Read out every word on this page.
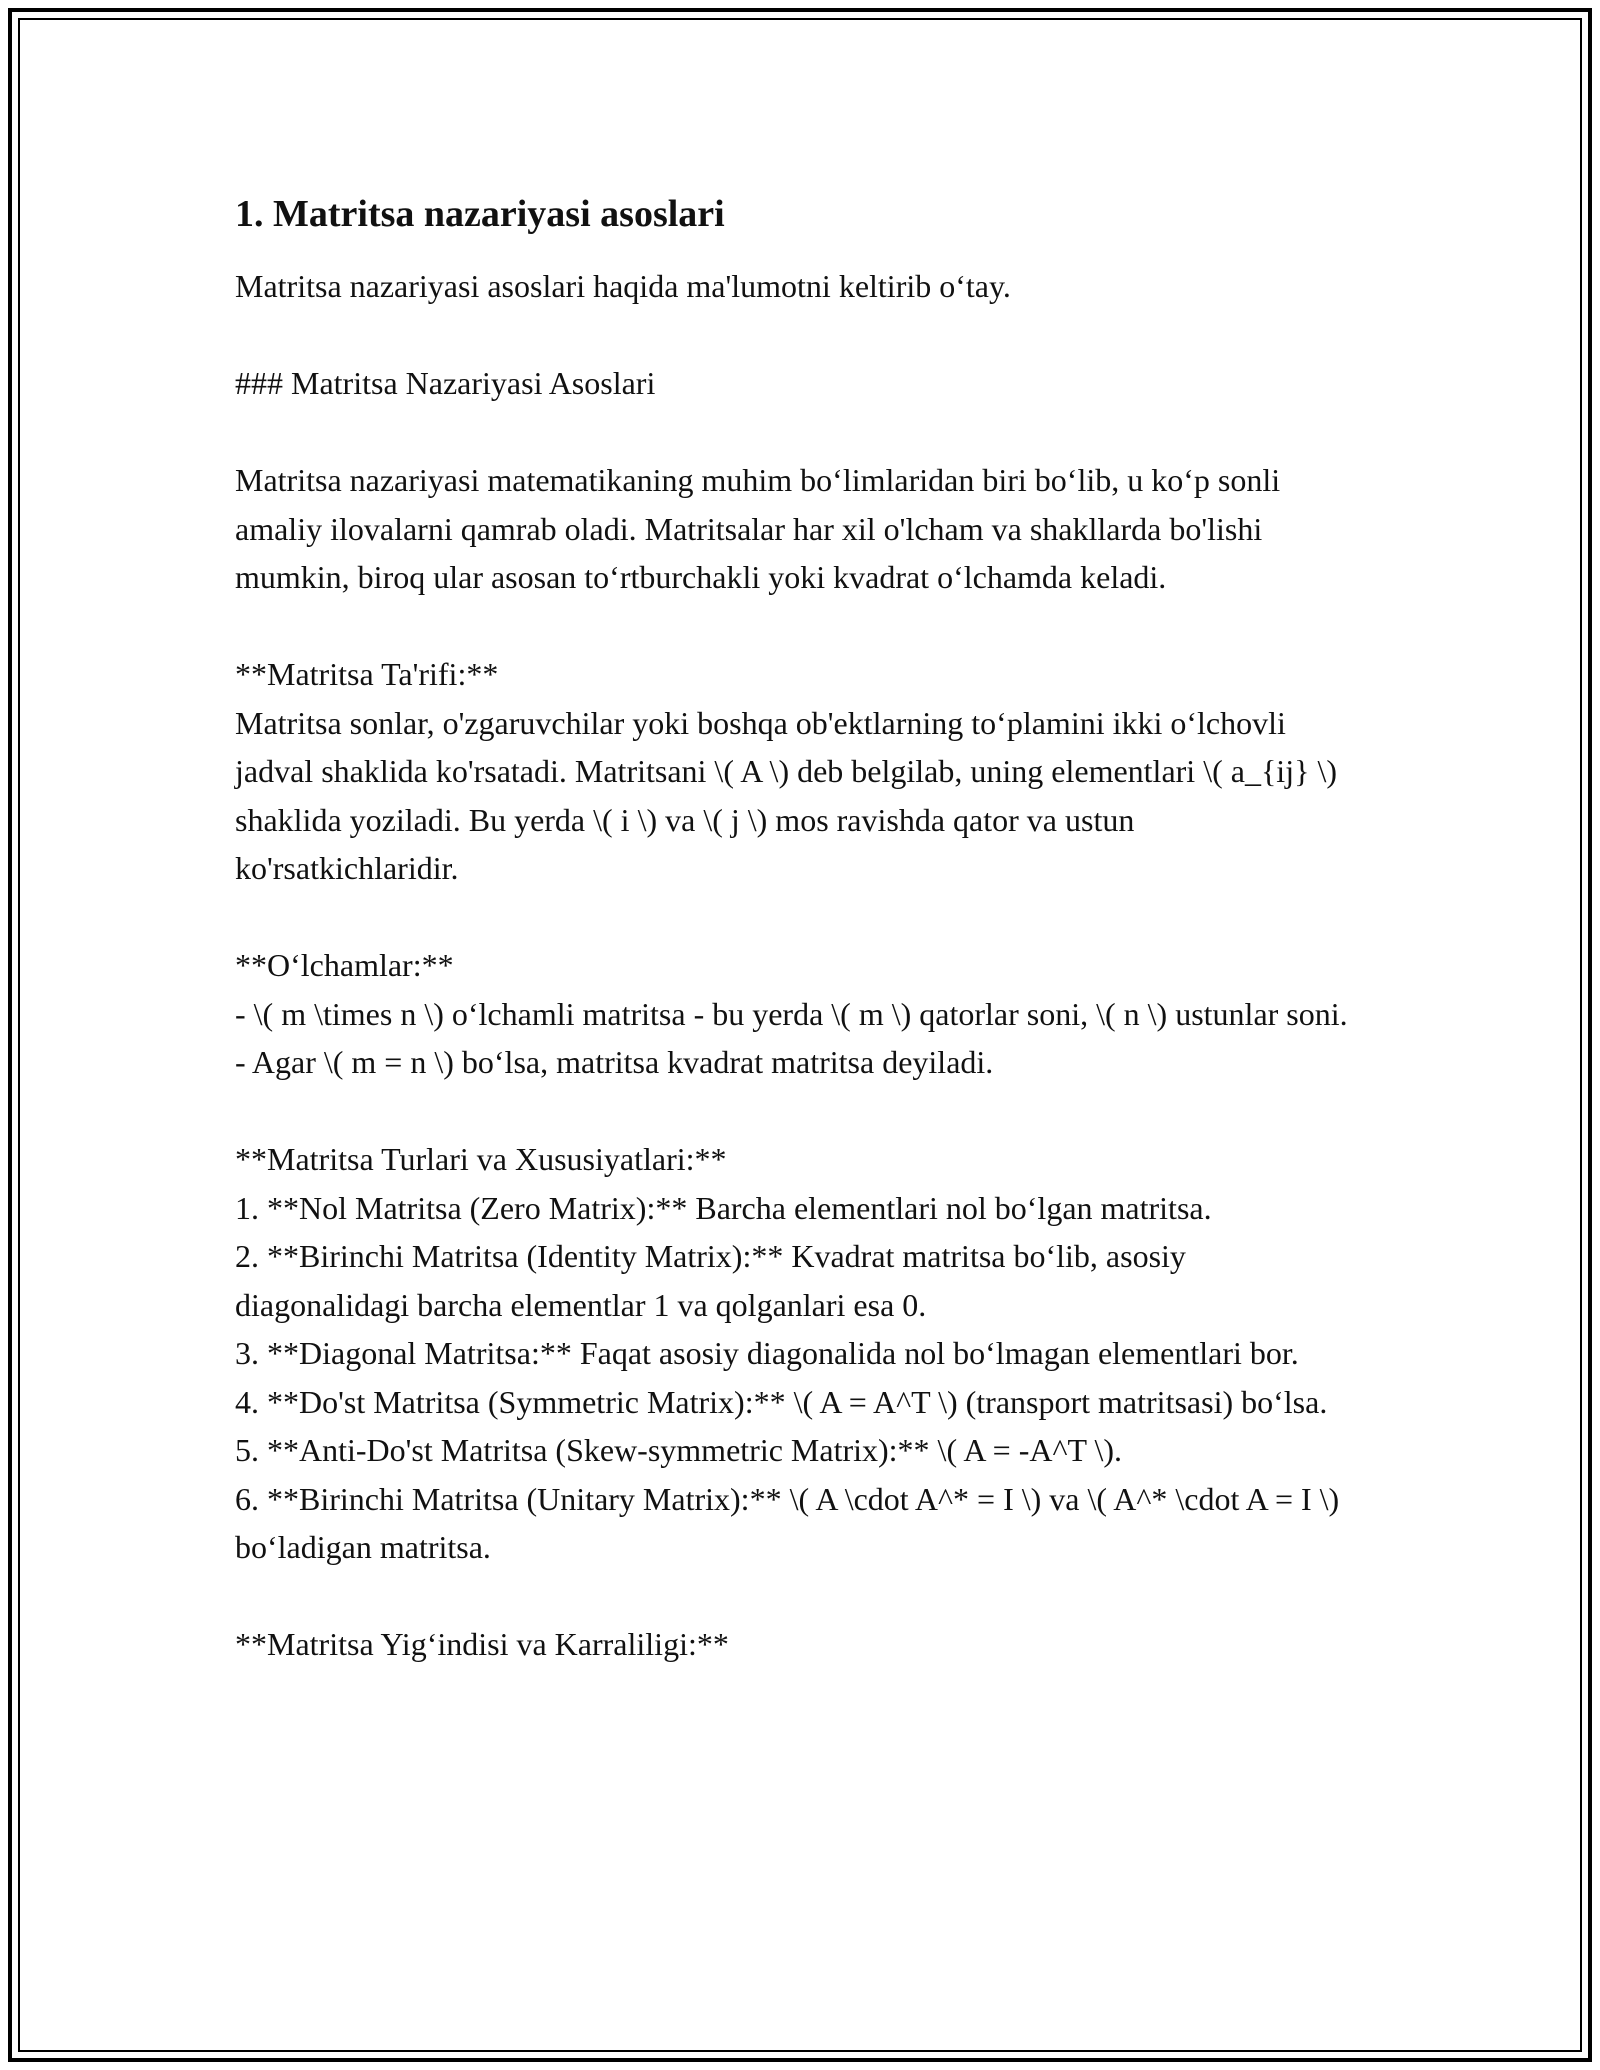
1. Matritsa nazariyasi asoslari

Matritsa nazariyasi asoslari haqida ma'lumotni keltirib o‘tay.

### Matritsa Nazariyasi Asoslari

Matritsa nazariyasi matematikaning muhim bo‘limlaridan biri bo‘lib, u ko‘p sonli amaliy ilovalarni qamrab oladi. Matritsalar har xil o'lcham va shakllarda bo'lishi mumkin, biroq ular asosan to‘rtburchakli yoki kvadrat o‘lchamda keladi.

**Matritsa Ta'rifi:**

Matritsa sonlar, o'zgaruvchilar yoki boshqa ob'ektlarning to‘plamini ikki o‘lchovli jadval shaklida ko'rsatadi. Matritsani \( A \) deb belgilab, uning elementlari \( a_{ij} \) shaklida yoziladi. Bu yerda \( i \) va \( j \) mos ravishda qator va ustun ko'rsatkichlaridir.

**O‘lchamlar:**

- \( m \times n \) o‘lchamli matritsa - bu yerda \( m \) qatorlar soni, \( n \) ustunlar soni.

- Agar \( m = n \) bo‘lsa, matritsa kvadrat matritsa deyiladi.

**Matritsa Turlari va Xususiyatlari:**

1. **Nol Matritsa (Zero Matrix):** Barcha elementlari nol bo‘lgan matritsa.

2. **Birinchi Matritsa (Identity Matrix):** Kvadrat matritsa bo‘lib, asosiy diagonalidagi barcha elementlar 1 va qolganlari esa 0.

3. **Diagonal Matritsa:** Faqat asosiy diagonalida nol bo‘lmagan elementlari bor.

4. **Do'st Matritsa (Symmetric Matrix):** \( A = A^T \) (transport matritsasi) bo‘lsa.

5. **Anti-Do'st Matritsa (Skew-symmetric Matrix):** \( A = -A^T \).

6. **Birinchi Matritsa (Unitary Matrix):** \( A \cdot A^* = I \) va \( A^* \cdot A = I \) bo‘ladigan matritsa.

**Matritsa Yig‘indisi va Karraliligi:**
